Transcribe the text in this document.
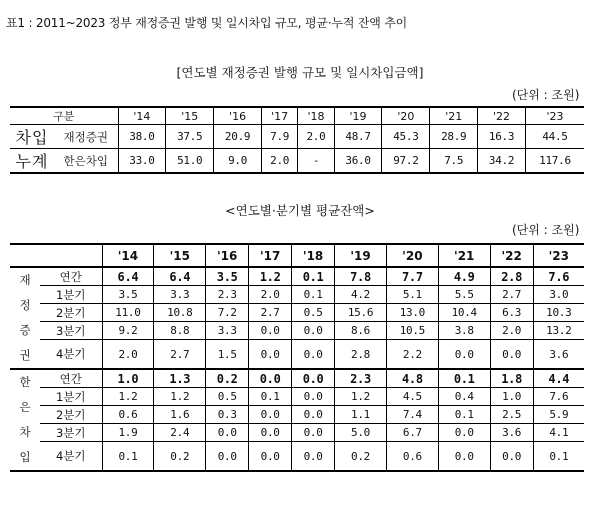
표1 : 2011~2023 정부 재정증권 발행 및 일시차입 규모, 평균·누적 잔액 추이
[연도별 재정증권 발행 규모 및 일시차입금액]
(단위 : 조원)
구분		'14	'15	'16	'17	'18	'19	'20	'21	'22	'23
차입	재정증권	38.0	37.5	20.9	7.9	2.0	48.7	45.3	28.9	16.3	44.5
누계	한은차입	33.0	51.0	9.0	2.0	-	36.0	97.2	7.5	34.2	117.6
<연도별·분기별 평균잔액>
(단위 : 조원)
		'14	'15	'16	'17	'18	'19	'20	'21	'22	'23

재
정
증
권	연간	6.4	6.4	3.5	1.2	0.1	7.8	7.7	4.9	2.8	7.6
	1분기	3.5	3.3	2.3	2.0	0.1	4.2	5.1	5.5	2.7	3.0
	2분기	11.0	10.8	7.2	2.7	0.5	15.6	13.0	10.4	6.3	10.3
	3분기	9.2	8.8	3.3	0.0	0.0	8.6	10.5	3.8	2.0	13.2
	4분기	2.0	2.7	1.5	0.0	0.0	2.8	2.2	0.0	0.0	3.6

한
은
차
입	연간	1.0	1.3	0.2	0.0	0.0	2.3	4.8	0.1	1.8	4.4
	1분기	1.2	1.2	0.5	0.1	0.0	1.2	4.5	0.4	1.0	7.6
	2분기	0.6	1.6	0.3	0.0	0.0	1.1	7.4	0.1	2.5	5.9
	3분기	1.9	2.4	0.0	0.0	0.0	5.0	6.7	0.0	3.6	4.1
	4분기	0.1	0.2	0.0	0.0	0.0	0.2	0.6	0.0	0.0	0.1
